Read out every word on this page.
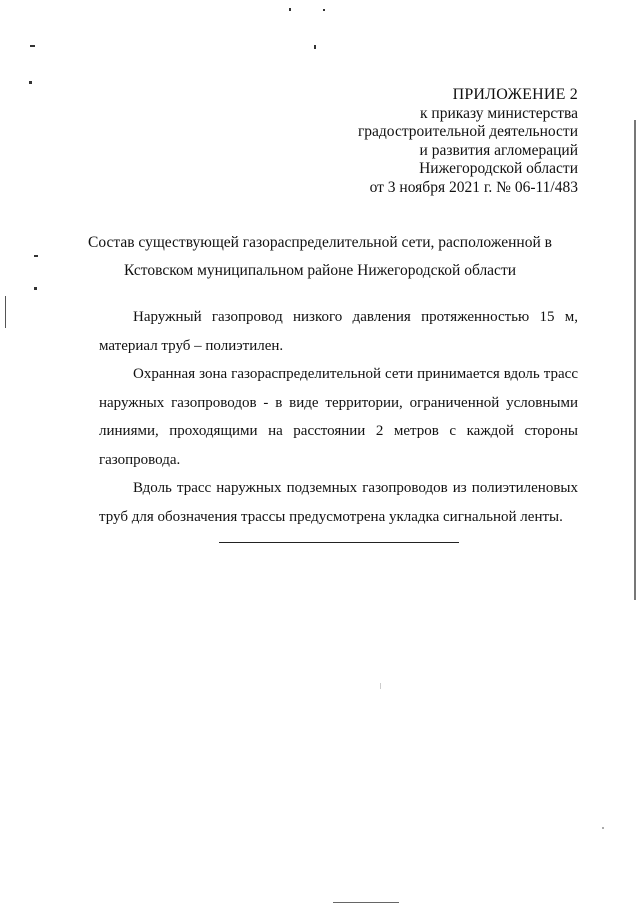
ПРИЛОЖЕНИЕ 2
к приказу министерства
градостроительной деятельности
и развития агломераций
Нижегородской области
от 3 ноября 2021 г. № 06-11/483
Состав существующей газораспределительной сети, расположенной в
Кстовском муниципальном районе Нижегородской области

Наружный газопровод низкого давления протяженностью 15 м, материал труб – полиэтилен.

Охранная зона газораспределительной сети принимается вдоль трасс наружных газопроводов - в виде территории, ограниченной условными линиями, проходящими на расстоянии 2 метров с каждой стороны газопровода.

Вдоль трасс наружных подземных газопроводов из полиэтиленовых труб для обозначения трассы предусмотрена укладка сигнальной ленты.
